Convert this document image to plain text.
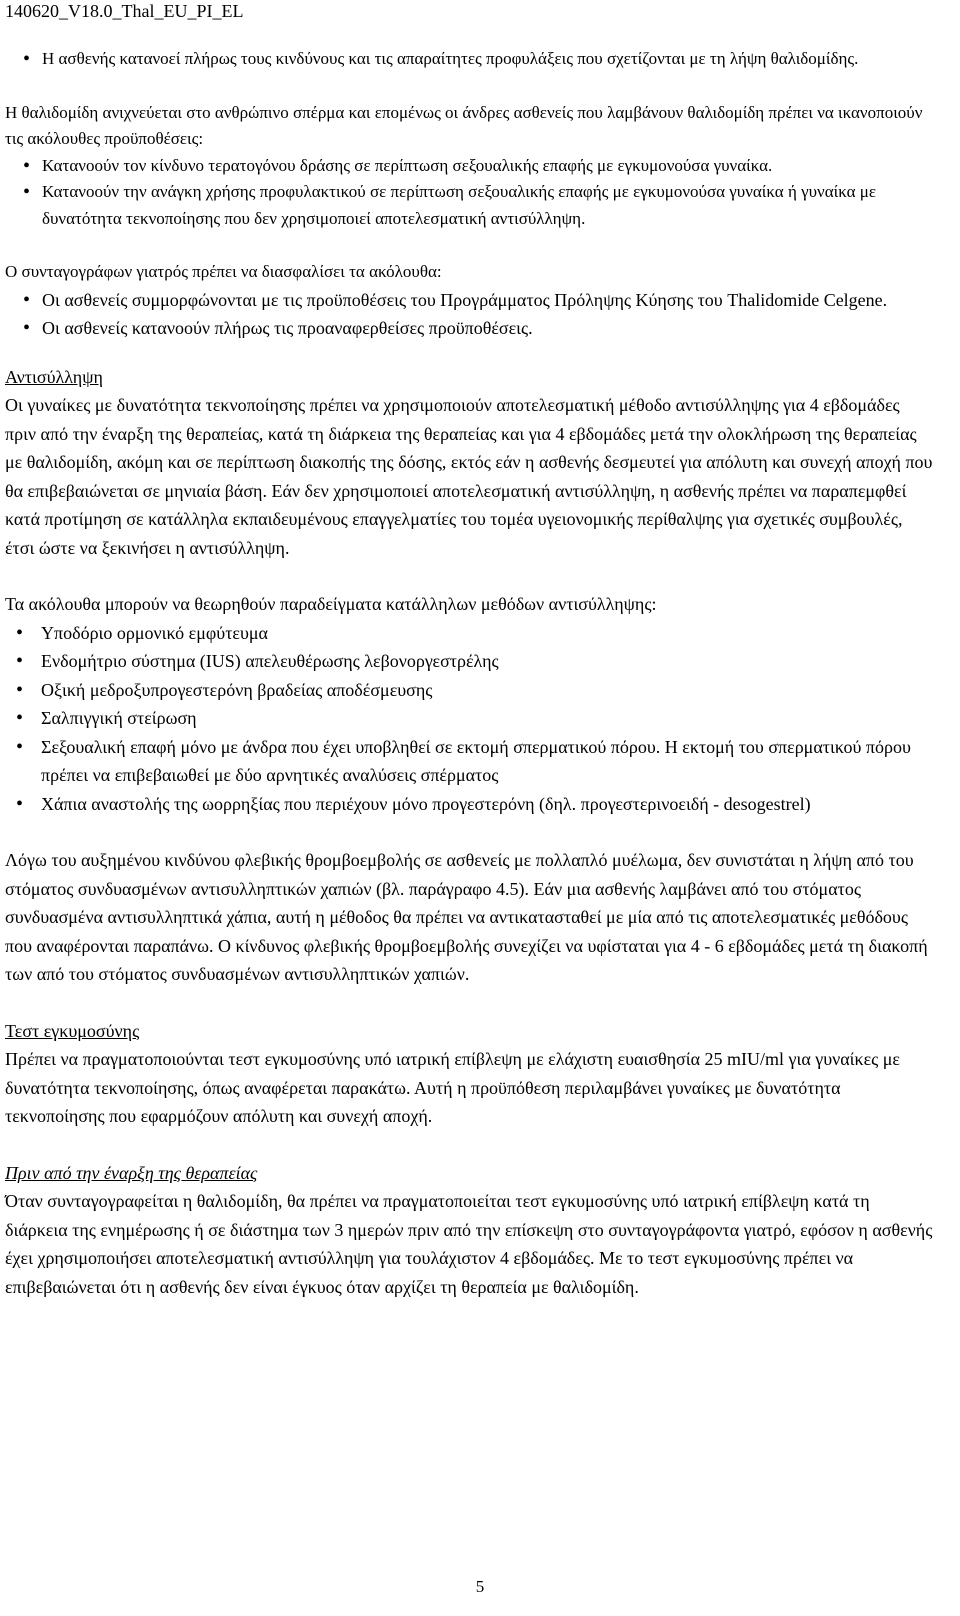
140620_V18.0_Thal_EU_PI_EL
• Η ασθενής κατανοεί πλήρως τους κινδύνους και τις απαραίτητες προφυλάξεις που σχετίζονται με τη λήψη θαλιδομίδης.

Η θαλιδομίδη ανιχνεύεται στο ανθρώπινο σπέρμα και επομένως οι άνδρες ασθενείς που λαμβάνουν θαλιδομίδη πρέπει να ικανοποιούν τις ακόλουθες προϋποθέσεις:

• Κατανοούν τον κίνδυνο τερατογόνου δράσης σε περίπτωση σεξουαλικής επαφής με εγκυμονούσα γυναίκα.
• Κατανοούν την ανάγκη χρήσης προφυλακτικού σε περίπτωση σεξουαλικής επαφής με εγκυμονούσα γυναίκα ή γυναίκα με δυνατότητα τεκνοποίησης που δεν χρησιμοποιεί αποτελεσματική αντισύλληψη.

Ο συνταγογράφων γιατρός πρέπει να διασφαλίσει τα ακόλουθα:

• Οι ασθενείς συμμορφώνονται με τις προϋποθέσεις του Προγράμματος Πρόληψης Κύησης του Thalidomide Celgene.
• Οι ασθενείς κατανοούν πλήρως τις προαναφερθείσες προϋποθέσεις.

Αντισύλληψη

Οι γυναίκες με δυνατότητα τεκνοποίησης πρέπει να χρησιμοποιούν αποτελεσματική μέθοδο αντισύλληψης για 4 εβδομάδες πριν από την έναρξη της θεραπείας, κατά τη διάρκεια της θεραπείας και για 4 εβδομάδες μετά την ολοκλήρωση της θεραπείας με θαλιδομίδη, ακόμη και σε περίπτωση διακοπής της δόσης, εκτός εάν η ασθενής δεσμευτεί για απόλυτη και συνεχή αποχή που θα επιβεβαιώνεται σε μηνιαία βάση. Εάν δεν χρησιμοποιεί αποτελεσματική αντισύλληψη, η ασθενής πρέπει να παραπεμφθεί κατά προτίμηση σε κατάλληλα εκπαιδευμένους επαγγελματίες του τομέα υγειονομικής περίθαλψης για σχετικές συμβουλές, έτσι ώστε να ξεκινήσει η αντισύλληψη.

Τα ακόλουθα μπορούν να θεωρηθούν παραδείγματα κατάλληλων μεθόδων αντισύλληψης:

• Υποδόριο ορμονικό εμφύτευμα
• Ενδομήτριο σύστημα (IUS) απελευθέρωσης λεβονοργεστρέλης
• Οξική μεδροξυπρογεστερόνη βραδείας αποδέσμευσης
• Σαλπιγγική στείρωση
• Σεξουαλική επαφή μόνο με άνδρα που έχει υποβληθεί σε εκτομή σπερματικού πόρου. Η εκτομή του σπερματικού πόρου πρέπει να επιβεβαιωθεί με δύο αρνητικές αναλύσεις σπέρματος
• Χάπια αναστολής της ωορρηξίας που περιέχουν μόνο προγεστερόνη (δηλ. προγεστερινοειδή - desogestrel)

Λόγω του αυξημένου κινδύνου φλεβικής θρομβοεμβολής σε ασθενείς με πολλαπλό μυέλωμα, δεν συνιστάται η λήψη από του στόματος συνδυασμένων αντισυλληπτικών χαπιών (βλ. παράγραφο 4.5). Εάν μια ασθενής λαμβάνει από του στόματος συνδυασμένα αντισυλληπτικά χάπια, αυτή η μέθοδος θα πρέπει να αντικατασταθεί με μία από τις αποτελεσματικές μεθόδους που αναφέρονται παραπάνω. Ο κίνδυνος φλεβικής θρομβοεμβολής συνεχίζει να υφίσταται για 4 - 6 εβδομάδες μετά τη διακοπή των από του στόματος συνδυασμένων αντισυλληπτικών χαπιών.

Τεστ εγκυμοσύνης

Πρέπει να πραγματοποιούνται τεστ εγκυμοσύνης υπό ιατρική επίβλεψη με ελάχιστη ευαισθησία 25 mIU/ml για γυναίκες με δυνατότητα τεκνοποίησης, όπως αναφέρεται παρακάτω. Αυτή η προϋπόθεση περιλαμβάνει γυναίκες με δυνατότητα τεκνοποίησης που εφαρμόζουν απόλυτη και συνεχή αποχή.

Πριν από την έναρξη της θεραπείας

Όταν συνταγογραφείται η θαλιδομίδη, θα πρέπει να πραγματοποιείται τεστ εγκυμοσύνης υπό ιατρική επίβλεψη κατά τη διάρκεια της ενημέρωσης ή σε διάστημα των 3 ημερών πριν από την επίσκεψη στο συνταγογράφοντα γιατρό, εφόσον η ασθενής έχει χρησιμοποιήσει αποτελεσματική αντισύλληψη για τουλάχιστον 4 εβδομάδες. Με το τεστ εγκυμοσύνης πρέπει να επιβεβαιώνεται ότι η ασθενής δεν είναι έγκυος όταν αρχίζει τη θεραπεία με θαλιδομίδη.

5
